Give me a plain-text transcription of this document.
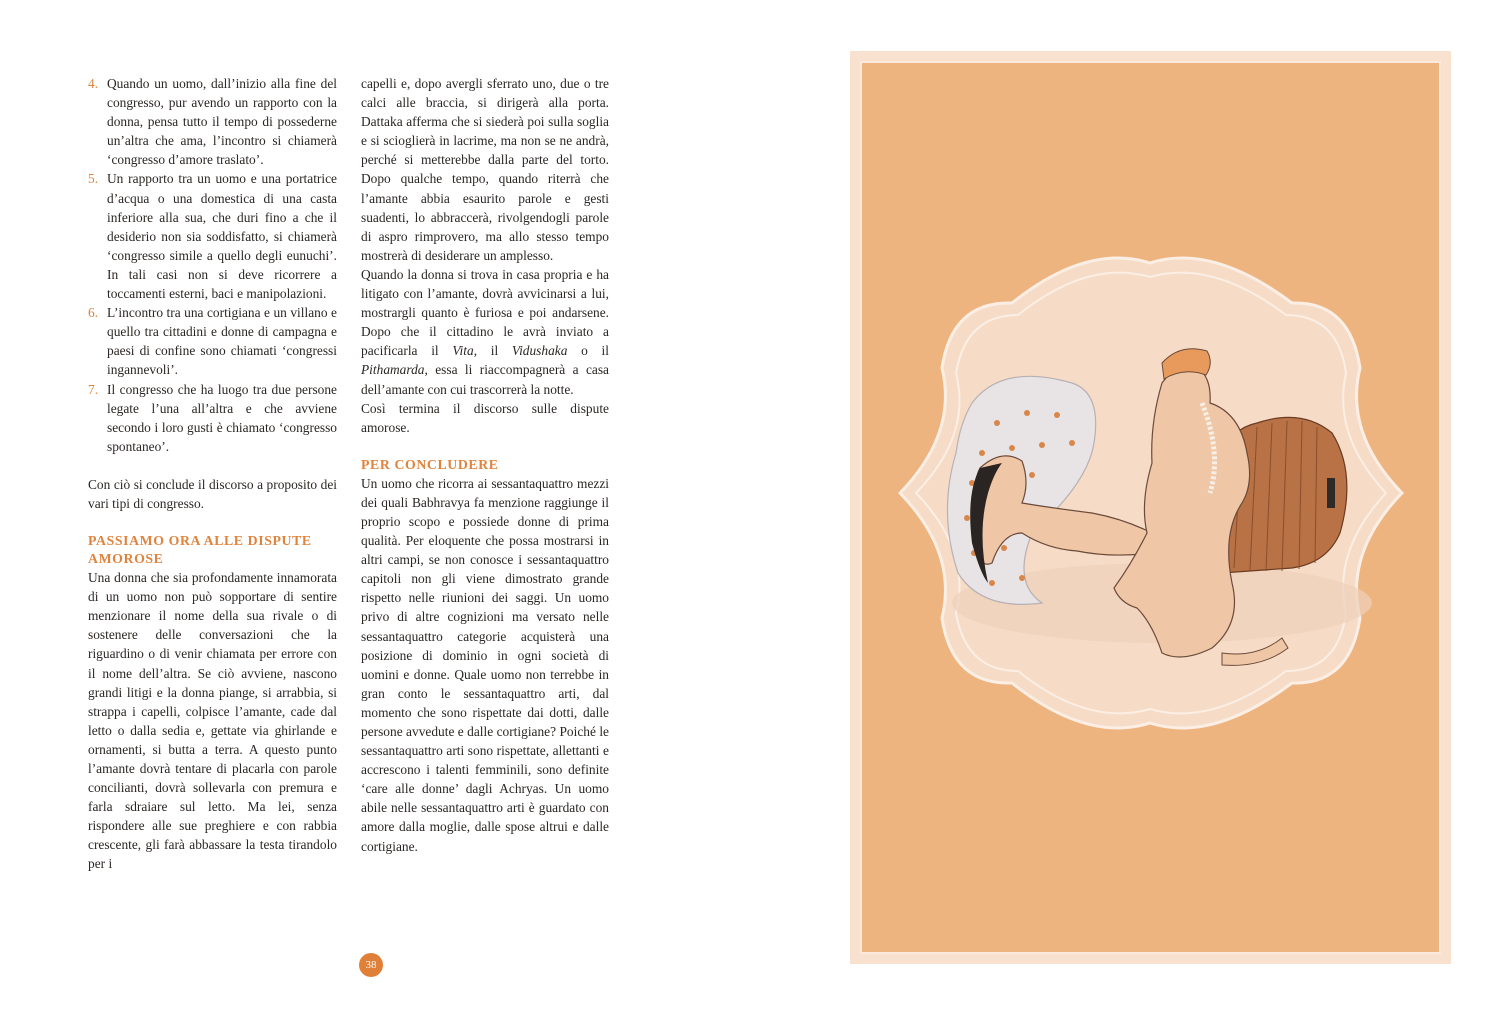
4. Quando un uomo, dall’inizio alla fine del congresso, pur avendo un rapporto con la donna, pensa tutto il tempo di possederne un’altra che ama, l’incontro si chiamerà ‘congresso d’amore traslato’.

5. Un rapporto tra un uomo e una portatrice d’acqua o una domestica di una casta inferiore alla sua, che duri fino a che il desiderio non sia soddisfatto, si chiamerà ‘congresso simile a quello degli eunuchi’. In tali casi non si deve ricorrere a toccamenti esterni, baci e manipolazioni.

6. L’incontro tra una cortigiana e un villano e quello tra cittadini e donne di campagna e paesi di confine sono chiamati ‘congressi ingannevoli’.

7. Il congresso che ha luogo tra due persone legate l’una all’altra e che avviene secondo i loro gusti è chiamato ‘congresso spontaneo’.

Con ciò si conclude il discorso a proposito dei vari tipi di congresso.

PASSIAMO ORA ALLE DISPUTE AMOROSE

Una donna che sia profondamente innamorata di un uomo non può sopportare di sentire menzionare il nome della sua rivale o di sostenere delle conversazioni che la riguardino o di venir chiamata per errore con il nome dell’altra. Se ciò avviene, nascono grandi litigi e la donna piange, si arrabbia, si strappa i capelli, colpisce l’amante, cade dal letto o dalla sedia e, gettate via ghirlande e ornamenti, si butta a terra. A questo punto l’amante dovrà tentare di placarla con parole concilianti, dovrà sollevarla con premura e farla sdraiare sul letto. Ma lei, senza rispondere alle sue preghiere e con rabbia crescente, gli farà abbassare la testa tirandolo per i

capelli e, dopo avergli sferrato uno, due o tre calci alle braccia, si dirigerà alla porta. Dattaka afferma che si siederà poi sulla soglia e si scioglierà in lacrime, ma non se ne andrà, perché si metterebbe dalla parte del torto. Dopo qualche tempo, quando riterrà che l’amante abbia esaurito parole e gesti suadenti, lo abbraccerà, rivolgendogli parole di aspro rimprovero, ma allo stesso tempo mostrerà di desiderare un amplesso.

Quando la donna si trova in casa propria e ha litigato con l’amante, dovrà avvicinarsi a lui, mostrargli quanto è furiosa e poi andarsene. Dopo che il cittadino le avrà inviato a pacificarla il Vita, il Vidushaka o il Pithamarda, essa li riaccompagnerà a casa dell’amante con cui trascorrerà la notte.

Così termina il discorso sulle dispute amorose.

PER CONCLUDERE

Un uomo che ricorra ai sessantaquattro mezzi dei quali Babhravya fa menzione raggiunge il proprio scopo e possiede donne di prima qualità. Per eloquente che possa mostrarsi in altri campi, se non conosce i sessantaquattro capitoli non gli viene dimostrato grande rispetto nelle riunioni dei saggi. Un uomo privo di altre cognizioni ma versato nelle sessantaquattro categorie acquisterà una posizione di dominio in ogni società di uomini e donne. Quale uomo non terrebbe in gran conto le sessantaquattro arti, dal momento che sono rispettate dai dotti, dalle persone avvedute e dalle cortigiane? Poiché le sessantaquattro arti sono rispettate, allettanti e accrescono i talenti femminili, sono definite ‘care alle donne’ dagli Achryas. Un uomo abile nelle sessantaquattro arti è guardato con amore dalla moglie, dalle spose altrui e dalle cortigiane.

38
